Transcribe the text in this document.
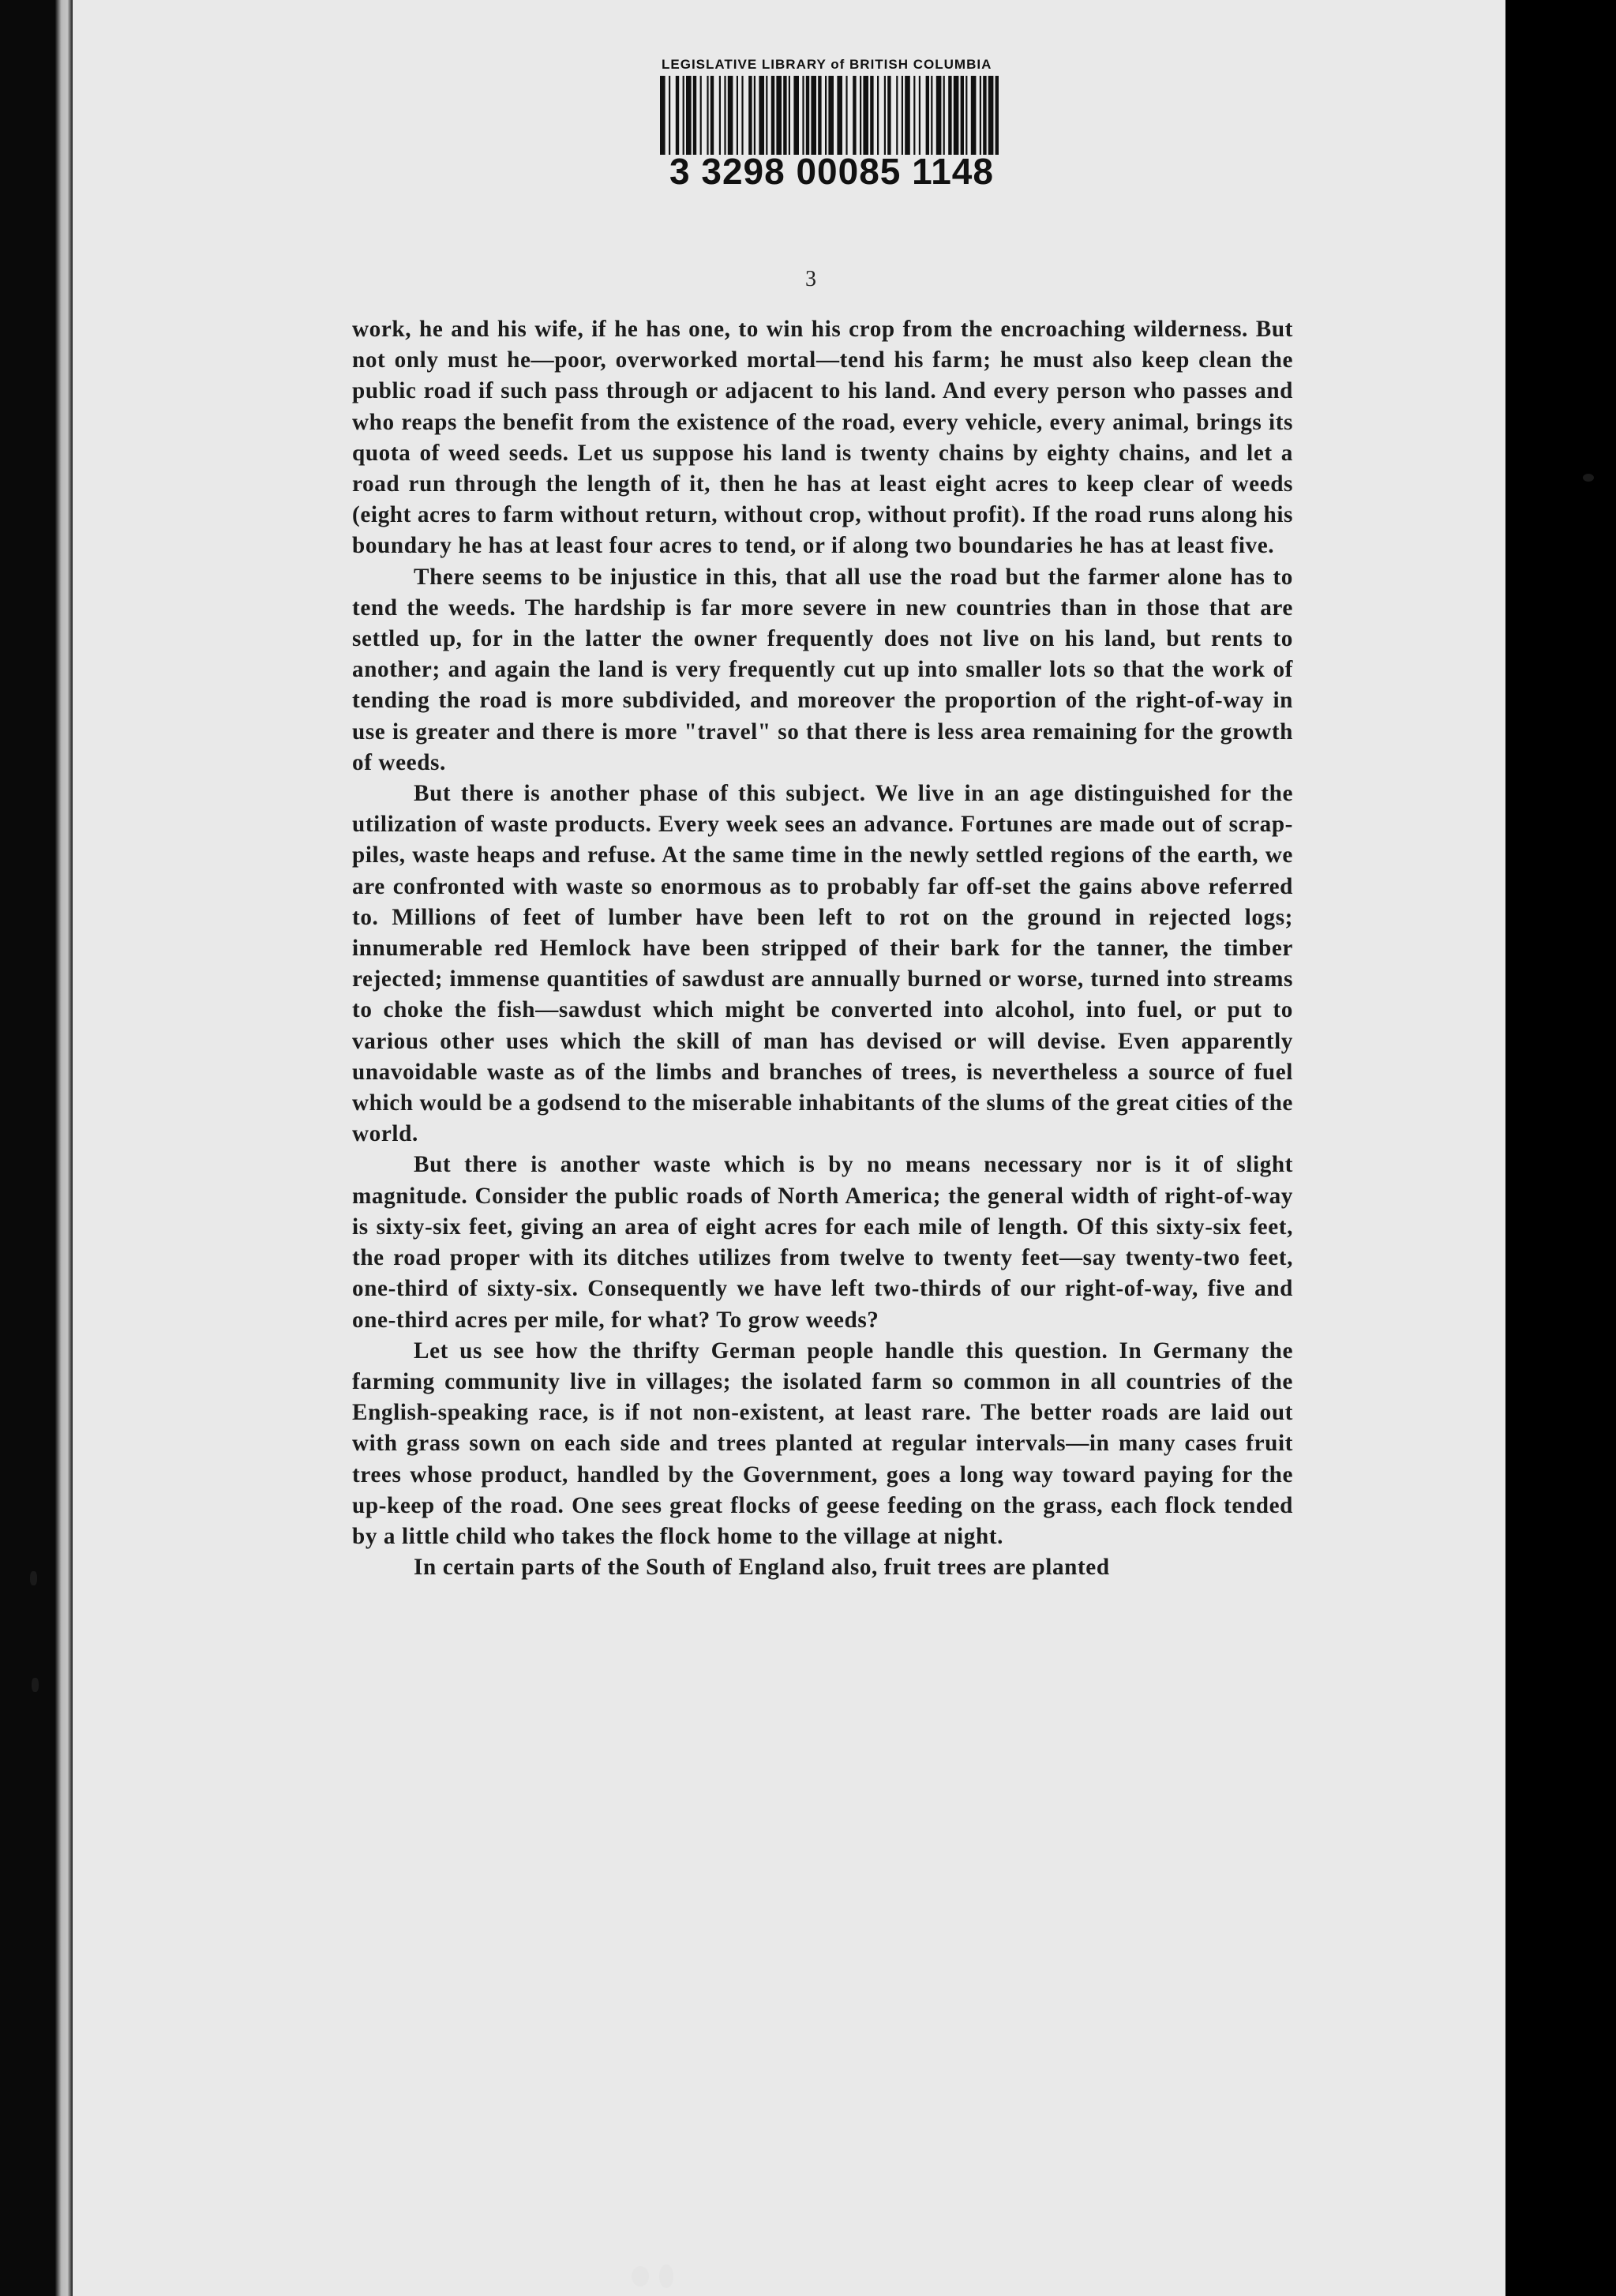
LEGISLATIVE LIBRARY of BRITISH COLUMBIA
3 3298 00085 1148
3

work, he and his wife, if he has one, to win his crop from the encroaching wilderness. But not only must he—poor, overworked mortal—tend his farm; he must also keep clean the public road if such pass through or adjacent to his land. And every person who passes and who reaps the benefit from the existence of the road, every vehicle, every animal, brings its quota of weed seeds. Let us suppose his land is twenty chains by eighty chains, and let a road run through the length of it, then he has at least eight acres to keep clear of weeds (eight acres to farm without return, without crop, without profit). If the road runs along his boundary he has at least four acres to tend, or if along two boundaries he has at least five.

There seems to be injustice in this, that all use the road but the farmer alone has to tend the weeds. The hardship is far more severe in new countries than in those that are settled up, for in the latter the owner frequently does not live on his land, but rents to another; and again the land is very frequently cut up into smaller lots so that the work of tending the road is more subdivided, and moreover the proportion of the right-of-way in use is greater and there is more "travel" so that there is less area remaining for the growth of weeds.

But there is another phase of this subject. We live in an age distinguished for the utilization of waste products. Every week sees an advance. Fortunes are made out of scrap-piles, waste heaps and refuse. At the same time in the newly settled regions of the earth, we are confronted with waste so enormous as to probably far off-set the gains above referred to. Millions of feet of lumber have been left to rot on the ground in rejected logs; innumerable red Hemlock have been stripped of their bark for the tanner, the timber rejected; immense quantities of sawdust are annually burned or worse, turned into streams to choke the fish—sawdust which might be converted into alcohol, into fuel, or put to various other uses which the skill of man has devised or will devise. Even apparently unavoidable waste as of the limbs and branches of trees, is nevertheless a source of fuel which would be a godsend to the miserable inhabitants of the slums of the great cities of the world.

But there is another waste which is by no means necessary nor is it of slight magnitude. Consider the public roads of North America; the general width of right-of-way is sixty-six feet, giving an area of eight acres for each mile of length. Of this sixty-six feet, the road proper with its ditches utilizes from twelve to twenty feet—say twenty-two feet, one-third of sixty-six. Consequently we have left two-thirds of our right-of-way, five and one-third acres per mile, for what? To grow weeds?

Let us see how the thrifty German people handle this question. In Germany the farming community live in villages; the isolated farm so common in all countries of the English-speaking race, is if not non-existent, at least rare. The better roads are laid out with grass sown on each side and trees planted at regular intervals—in many cases fruit trees whose product, handled by the Government, goes a long way toward paying for the up-keep of the road. One sees great flocks of geese feeding on the grass, each flock tended by a little child who takes the flock home to the village at night.

In certain parts of the South of England also, fruit trees are planted
